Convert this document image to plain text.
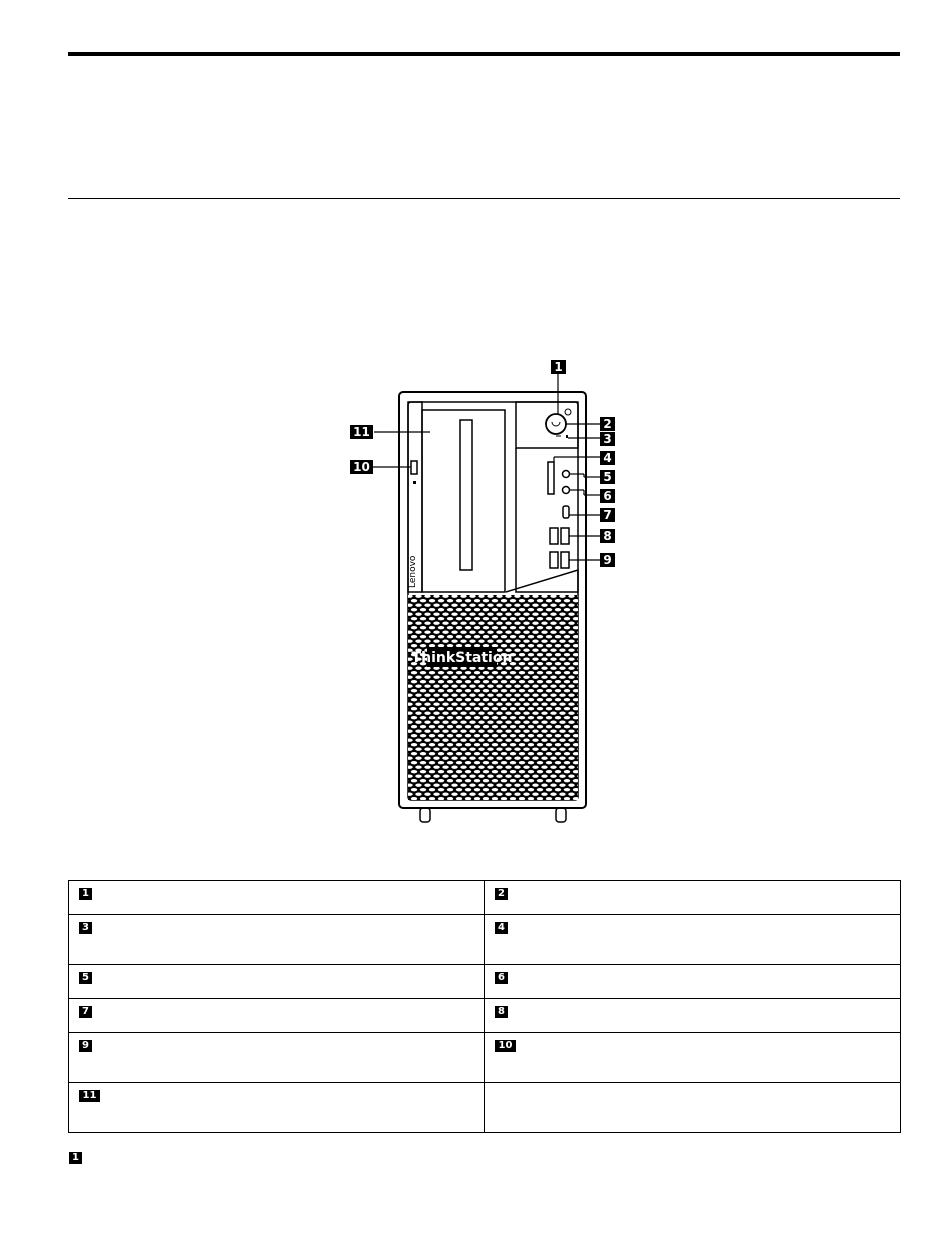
Lenovo
ThinkStation
1
2
3
4
5
6
7
8
9
10
11
1	2
3	4
5	6
7	8
9	10
11	
1
